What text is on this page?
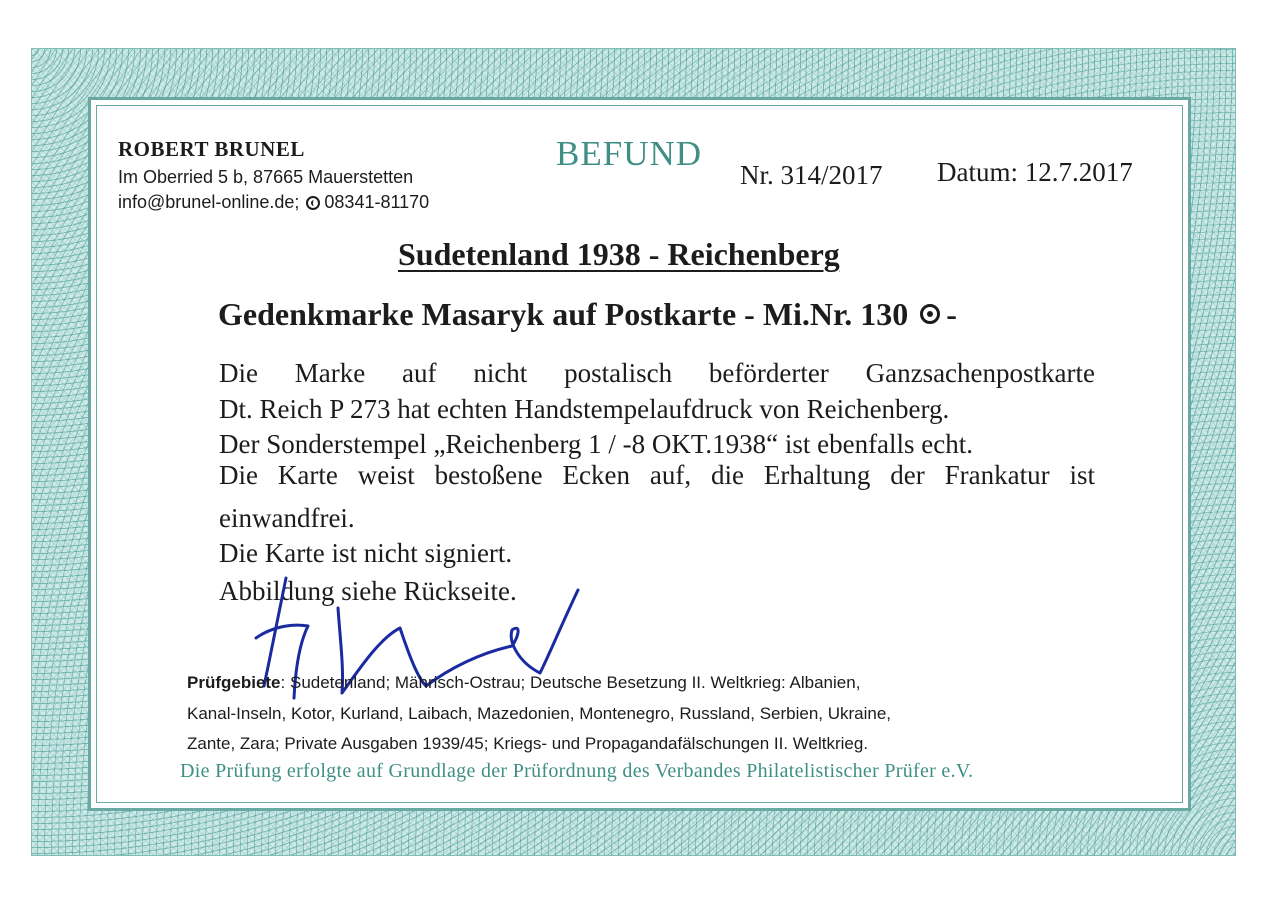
ROBERT BRUNEL
Im Oberried 5 b, 87665 Mauerstetten
info@brunel-online.de; 08341-81170
BEFUND
Nr. 314/2017 Datum: 12.7.2017
Sudetenland 1938 - Reichenberg
Gedenkmarke Masaryk auf Postkarte - Mi.Nr. 130 -
Die Marke auf nicht postalisch beförderter Ganzsachenpostkarte
Dt. Reich P 273 hat echten Handstempelaufdruck von Reichenberg.
Der Sonderstempel „Reichenberg 1 / -8 OKT.1938“ ist ebenfalls echt.
Die Karte weist bestoßene Ecken auf, die Erhaltung der Frankatur ist
einwandfrei.
Die Karte ist nicht signiert.
Abbildung siehe Rückseite.
Prüfgebiete: Sudetenland; Mährisch-Ostrau; Deutsche Besetzung II. Weltkrieg: Albanien,
Kanal-Inseln, Kotor, Kurland, Laibach, Mazedonien, Montenegro, Russland, Serbien, Ukraine,
Zante, Zara; Private Ausgaben 1939/45; Kriegs- und Propagandafälschungen II. Weltkrieg.
Die Prüfung erfolgte auf Grundlage der Prüfordnung des Verbandes Philatelistischer Prüfer e.V.
